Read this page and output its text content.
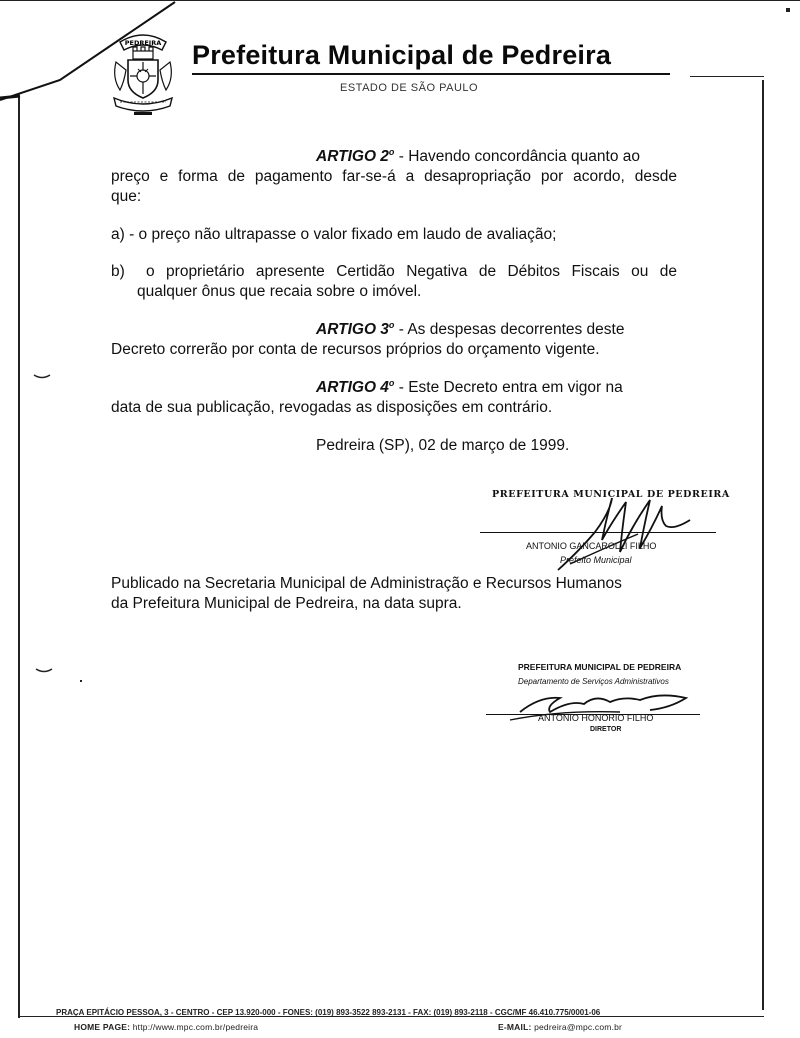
PEDREIRA Prefeitura Municipal de Pedreira
ESTADO DE SÃO PAULO
ARTIGO 2$^o$ - Havendo concordância quanto ao
preço e forma de pagamento far-se-á a desapropriação por acordo, desde
que:
a) - o preço não ultrapasse o valor fixado em laudo de avaliação;
b) o proprietário apresente Certidão Negativa de Débitos Fiscais ou de
qualquer ônus que recaia sobre o imóvel.
ARTIGO 3$^o$ - As despesas decorrentes deste
Decreto correrão por conta de recursos próprios do orçamento vigente.
ARTIGO 4$^o$ - Este Decreto entra em vigor na
data de sua publicação, revogadas as disposições em contrário.
Pedreira (SP), 02 de março de 1999.
PREFEITURA MUNICIPAL DE PEDREIRA
ANTONIO GANCAROLLI FILHO
Prefeito Municipal
Publicado na Secretaria Municipal de Administração e Recursos Humanos
da Prefeitura Municipal de Pedreira, na data supra.
PREFEITURA MUNICIPAL DE PEDREIRA
Departamento de Serviços Administrativos
ANTONIO HONORIO FILHO
DIRETOR
PRAÇA EPITÁCIO PESSOA, 3 - CENTRO - CEP 13.920-000 - FONES: (019) 893-3522 893-2131 - FAX: (019) 893-2118 - CGC/MF 46.410.775/0001-06
HOME PAGE: http://www.mpc.com.br/pedreira	E-MAIL: pedreira@mpc.com.br
